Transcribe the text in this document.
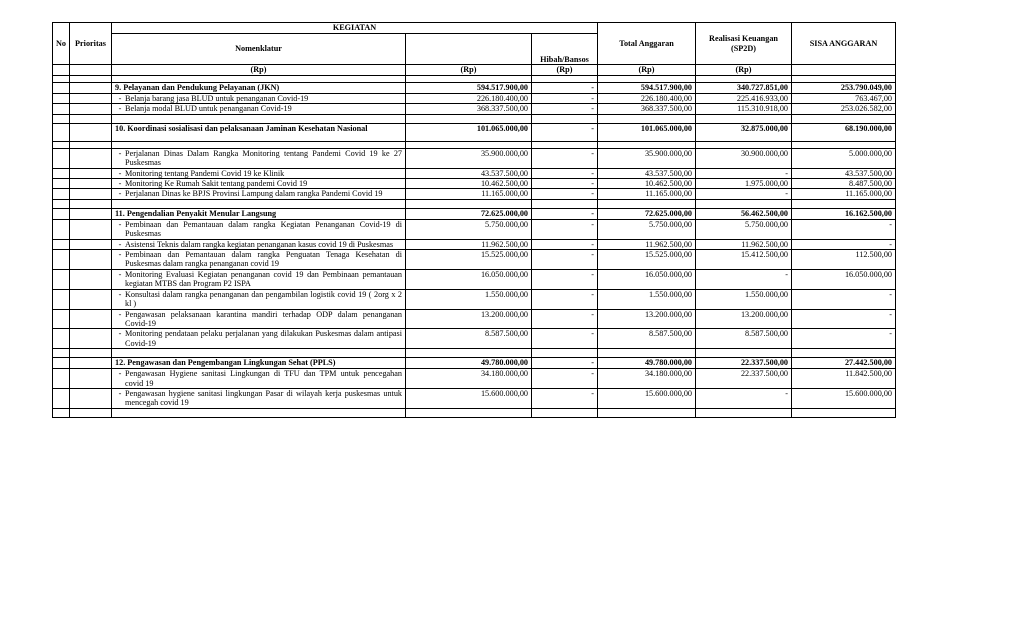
No	Prioritas	KEGIATAN			Total Anggaran	Realisasi Keuangan (SP2D)	SISA ANGGARAN
		Nomenklatur		Hibah/Bansos			
		(Rp)	(Rp)	(Rp)	(Rp)	(Rp)	

		9. Pelayanan dan Pendukung Pelayanan (JKN)	594.517.900,00	-	594.517.900,00	340.727.851,00	253.790.049,00

		- Belanja barang jasa BLUD untuk penanganan Covid-19	226.180.400,00	-	226.180.400,00	225.416.933,00	763.467,00

		- Belanja modal BLUD untuk penanganan Covid-19	368.337.500,00	-	368.337.500,00	115.310.918,00	253.026.582,00

		10. Koordinasi sosialisasi dan pelaksanaan Jaminan Kesehatan Nasional	101.065.000,00	-	101.065.000,00	32.875.000,00	68.190.000,00

		- Perjalanan Dinas Dalam Rangka Monitoring tentang Pandemi Covid 19 ke 27 Puskesmas	35.900.000,00	-	35.900.000,00	30.900.000,00	5.000.000,00

		- Monitoring tentang Pandemi Covid 19 ke Klinik	43.537.500,00	-	43.537.500,00	-	43.537.500,00

		- Monitoring Ke Rumah Sakit tentang pandemi Covid 19	10.462.500,00	-	10.462.500,00	1.975.000,00	8.487.500,00

		- Perjalanan Dinas ke BPJS Provinsi Lampung dalam rangka Pandemi Covid 19	11.165.000,00	-	11.165.000,00	-	11.165.000,00

		11. Pengendalian Penyakit Menular Langsung	72.625.000,00	-	72.625.000,00	56.462.500,00	16.162.500,00

		- Pembinaan dan Pemantauan dalam rangka Kegiatan Penanganan Covid-19 di Puskesmas	5.750.000,00	-	5.750.000,00	5.750.000,00	-

		- Asistensi Teknis dalam rangka kegiatan penanganan kasus covid 19 di Puskesmas	11.962.500,00	-	11.962.500,00	11.962.500,00	-

		- Pembinaan dan Pemantauan dalam rangka Penguatan Tenaga Kesehatan di Puskesmas dalam rangka penanganan covid 19	15.525.000,00	-	15.525.000,00	15.412.500,00	112.500,00

		- Monitoring Evaluasi Kegiatan penanganan covid 19 dan Pembinaan pemantauan kegiatan MTBS dan Program P2 ISPA	16.050.000,00	-	16.050.000,00	-	16.050.000,00

		- Konsultasi dalam rangka penanganan dan pengambilan logistik covid 19 ( 2org x 2 kl )	1.550.000,00	-	1.550.000,00	1.550.000,00	-

		- Pengawasan pelaksanaan karantina mandiri terhadap ODP dalam penanganan Covid-19	13.200.000,00	-	13.200.000,00	13.200.000,00	-

		- Monitoring pendataan pelaku perjalanan yang dilakukan Puskesmas dalam antipasi Covid-19	8.587.500,00	-	8.587.500,00	8.587.500,00	-

		12. Pengawasan dan Pengembangan Lingkungan Sehat (PPLS)	49.780.000,00	-	49.780.000,00	22.337.500,00	27.442.500,00

		- Pengawasan Hygiene sanitasi Lingkungan di TFU dan TPM untuk pencegahan covid 19	34.180.000,00	-	34.180.000,00	22.337.500,00	11.842.500,00

		- Pengawasan hygiene sanitasi lingkungan Pasar di wilayah kerja puskesmas untuk mencegah covid 19	15.600.000,00	-	15.600.000,00	-	15.600.000,00
